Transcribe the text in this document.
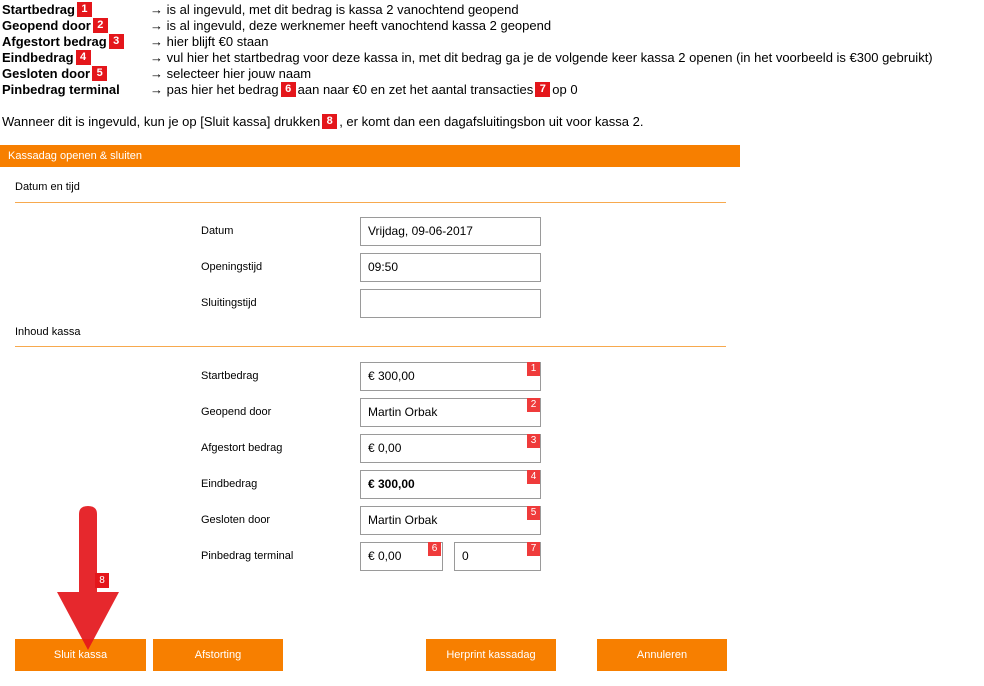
Startbedrag 1	→ is al ingevuld, met dit bedrag is kassa 2 vanochtend geopend
Geopend door 2	→ is al ingevuld, deze werknemer heeft vanochtend kassa 2 geopend
Afgestort bedrag 3	→ hier blijft €0 staan
Eindbedrag 4	→ vul hier het startbedrag voor deze kassa in, met dit bedrag ga je de volgende keer kassa 2 openen (in het voorbeeld is €300 gebruikt)
Gesloten door 5	→ selecteer hier jouw naam
Pinbedrag terminal → pas hier het bedrag 6 aan naar €0 en zet het aantal transacties 7 op 0
Wanneer dit is ingevuld, kun je op [Sluit kassa] drukken 8 , er komt dan een dagafsluitingsbon uit voor kassa 2.
Kassadag openen & sluiten
Datum en tijd
Datum	Vrijdag, 09-06-2017
Openingstijd	09:50
Sluitingstijd
Inhoud kassa
Startbedrag	€ 300,00
1
Geopend door	Martin Orbak
2
Afgestort bedrag	€ 0,00
3
Eindbedrag	€ 300,00
4
Gesloten door	Martin Orbak
5
Pinbedrag terminal	€ 0,00
6
0
7
Sluit kassa	Afstorting	Herprint kassadag	Annuleren
8
